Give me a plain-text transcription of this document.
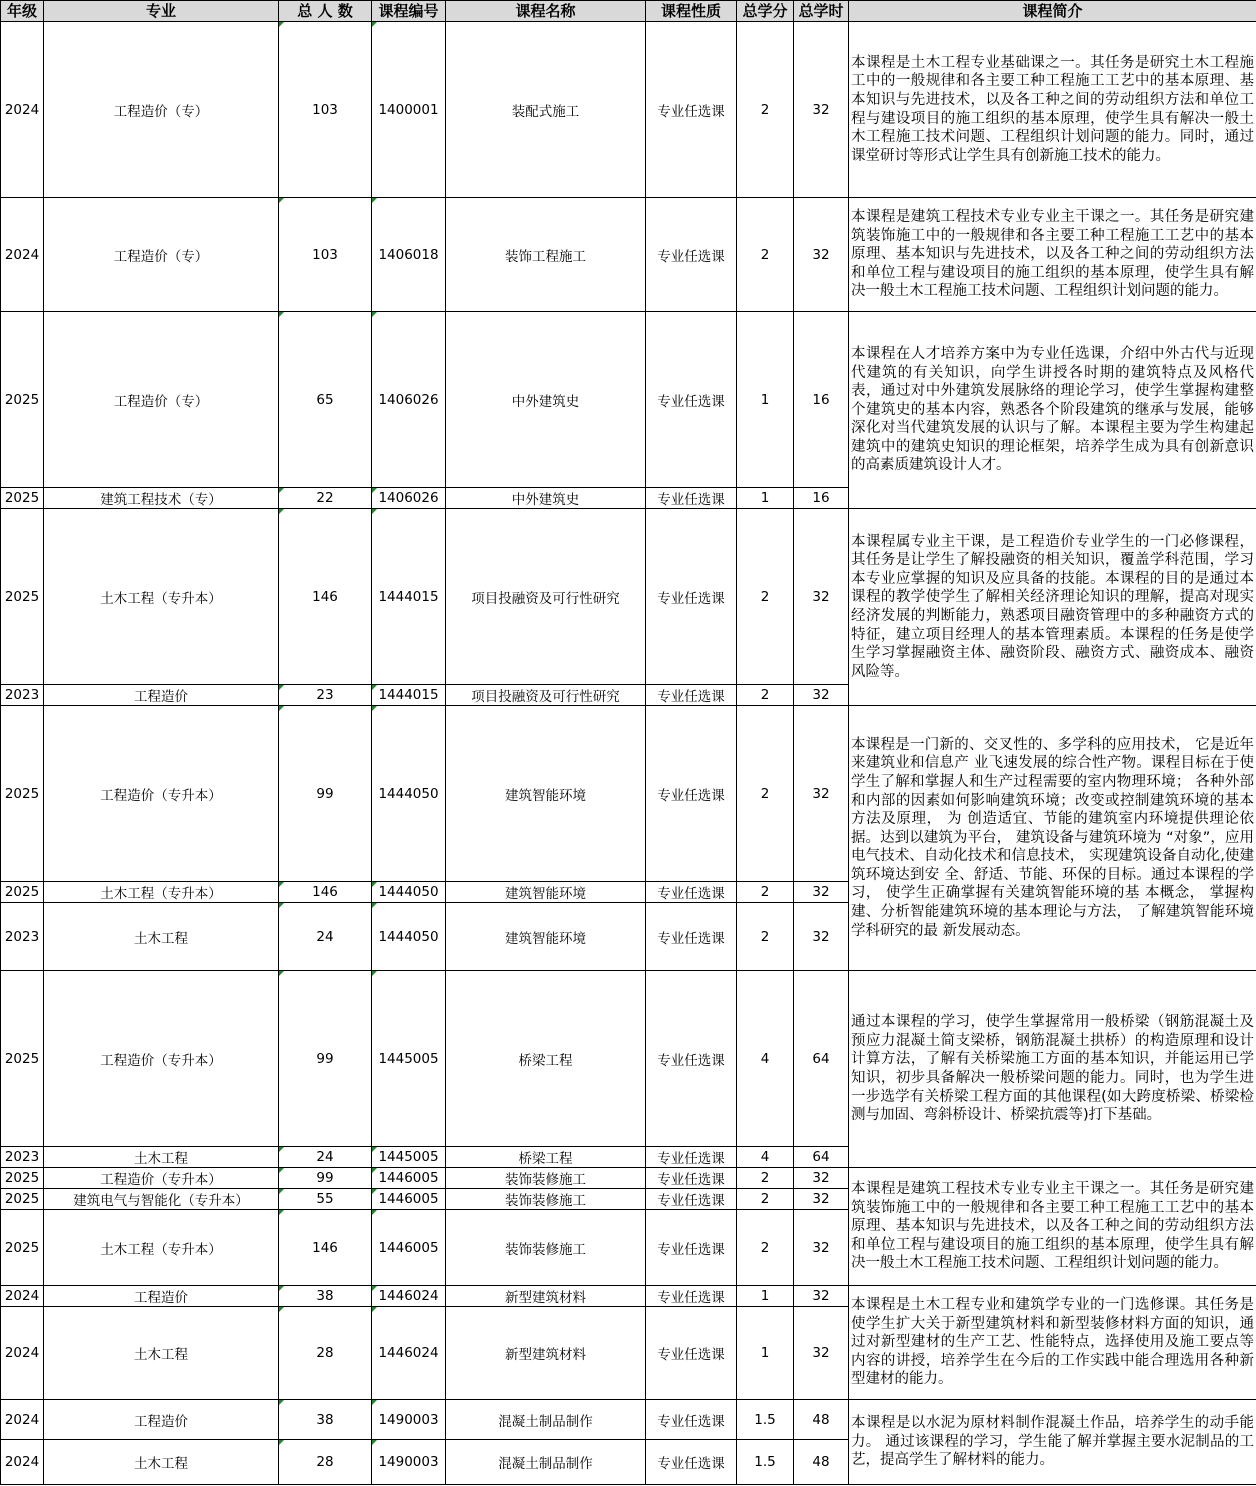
年级	专业	总 人 数	课程编号	课程名称	课程性质	总学分	总学时	课程简介
2024	工程造价（专）	103	1400001	装配式施工	专业任选课	2	32	本课程是土木工程专业基础课之一。其任务是研究土木工程施工中的一般规律和各主要工种工程施工工艺中的基本原理、基本知识与先进技术，以及各工种之间的劳动组织方法和单位工程与建设项目的施工组织的基本原理，使学生具有解决一般土木工程施工技术问题、工程组织计划问题的能力。同时，通过课堂研讨等形式让学生具有创新施工技术的能力。
2024	工程造价（专）	103	1406018	装饰工程施工	专业任选课	2	32	本课程是建筑工程技术专业专业主干课之一。其任务是研究建筑装饰施工中的一般规律和各主要工种工程施工工艺中的基本原理、基本知识与先进技术，以及各工种之间的劳动组织方法和单位工程与建设项目的施工组织的基本原理，使学生具有解决一般土木工程施工技术问题、工程组织计划问题的能力。
2025	工程造价（专）	65	1406026	中外建筑史	专业任选课	1	16	本课程在人才培养方案中为专业任选课，介绍中外古代与近现代建筑的有关知识，向学生讲授各时期的建筑特点及风格代表，通过对中外建筑发展脉络的理论学习，使学生掌握构建整个建筑史的基本内容，熟悉各个阶段建筑的继承与发展，能够深化对当代建筑发展的认识与了解。本课程主要为学生构建起建筑中的建筑史知识的理论框架，培养学生成为具有创新意识的高素质建筑设计人才。
2025	建筑工程技术（专）	22	1406026	中外建筑史	专业任选课	1	16	
2025	土木工程（专升本）	146	1444015	项目投融资及可行性研究	专业任选课	2	32	本课程属专业主干课，是工程造价专业学生的一门必修课程，其任务是让学生了解投融资的相关知识，覆盖学科范围，学习本专业应掌握的知识及应具备的技能。本课程的目的是通过本课程的教学使学生了解相关经济理论知识的理解，提高对现实经济发展的判断能力，熟悉项目融资管理中的多种融资方式的特征，建立项目经理人的基本管理素质。本课程的任务是使学生学习掌握融资主体、融资阶段、融资方式、融资成本、融资风险等。
2023	工程造价	23	1444015	项目投融资及可行性研究	专业任选课	2	32	
2025	工程造价（专升本）	99	1444050	建筑智能环境	专业任选课	2	32	本课程是一门新的、交叉性的、多学科的应用技术， 它是近年来建筑业和信息产 业飞速发展的综合性产物。课程目标在于使学生了解和掌握人和生产过程需要的室内物理环境； 各种外部和内部的因素如何影响建筑环境；改变或控制建筑环境的基本方法及原理， 为 创造适宜、节能的建筑室内环境提供理论依据。达到以建筑为平台， 建筑设备与建筑环境为 “对象”，应用电气技术、自动化技术和信息技术， 实现建筑设备自动化,使建筑环境达到安 全、舒适、节能、环保的目标。通过本课程的学习， 使学生正确掌握有关建筑智能环境的基 本概念， 掌握构建、分析智能建筑环境的基本理论与方法， 了解建筑智能环境学科研究的最 新发展动态。
2025	土木工程（专升本）	146	1444050	建筑智能环境	专业任选课	2	32	
2023	土木工程	24	1444050	建筑智能环境	专业任选课	2	32	
2025	工程造价（专升本）	99	1445005	桥梁工程	专业任选课	4	64	通过本课程的学习，使学生掌握常用一般桥梁（钢筋混凝土及预应力混凝土简支梁桥，钢筋混凝土拱桥）的构造原理和设计计算方法，了解有关桥梁施工方面的基本知识，并能运用已学知识，初步具备解决一般桥梁问题的能力。同时，也为学生进一步选学有关桥梁工程方面的其他课程(如大跨度桥梁、桥梁检测与加固、弯斜桥设计、桥梁抗震等)打下基础。
2023	土木工程	24	1445005	桥梁工程	专业任选课	4	64	
2025	工程造价（专升本）	99	1446005	装饰装修施工	专业任选课	2	32	本课程是建筑工程技术专业专业主干课之一。其任务是研究建筑装饰施工中的一般规律和各主要工种工程施工工艺中的基本原理、基本知识与先进技术，以及各工种之间的劳动组织方法和单位工程与建设项目的施工组织的基本原理，使学生具有解决一般土木工程施工技术问题、工程组织计划问题的能力。
2025	建筑电气与智能化（专升本）	55	1446005	装饰装修施工	专业任选课	2	32	
2025	土木工程（专升本）	146	1446005	装饰装修施工	专业任选课	2	32	
2024	工程造价	38	1446024	新型建筑材料	专业任选课	1	32	本课程是土木工程专业和建筑学专业的一门选修课。其任务是使学生扩大关于新型建筑材料和新型装修材料方面的知识，通过对新型建材的生产工艺、性能特点，选择使用及施工要点等内容的讲授，培养学生在今后的工作实践中能合理选用各种新型建材的能力。
2024	土木工程	28	1446024	新型建筑材料	专业任选课	1	32	
2024	工程造价	38	1490003	混凝土制品制作	专业任选课	1.5	48	本课程是以水泥为原材料制作混凝土作品，培养学生的动手能力。 通过该课程的学习，学生能了解并掌握主要水泥制品的工艺，提高学生了解材料的能力。
2024	土木工程	28	1490003	混凝土制品制作	专业任选课	1.5	48	
